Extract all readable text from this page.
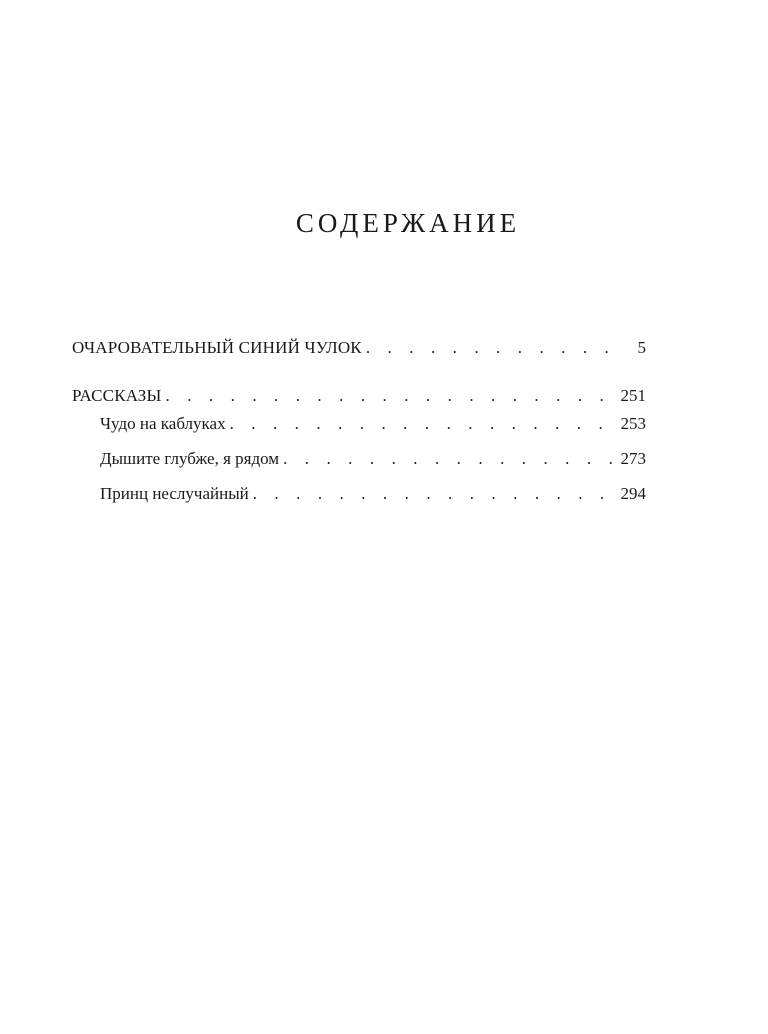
СОДЕРЖАНИЕ
ОЧАРОВАТЕЛЬНЫЙ СИНИЙ ЧУЛОК . . .	5
РАССКАЗЫ . . .	251
Чудо на каблуках . . .	253
Дышите глубже, я рядом . . .	273
Принц неслучайный . . .	294
